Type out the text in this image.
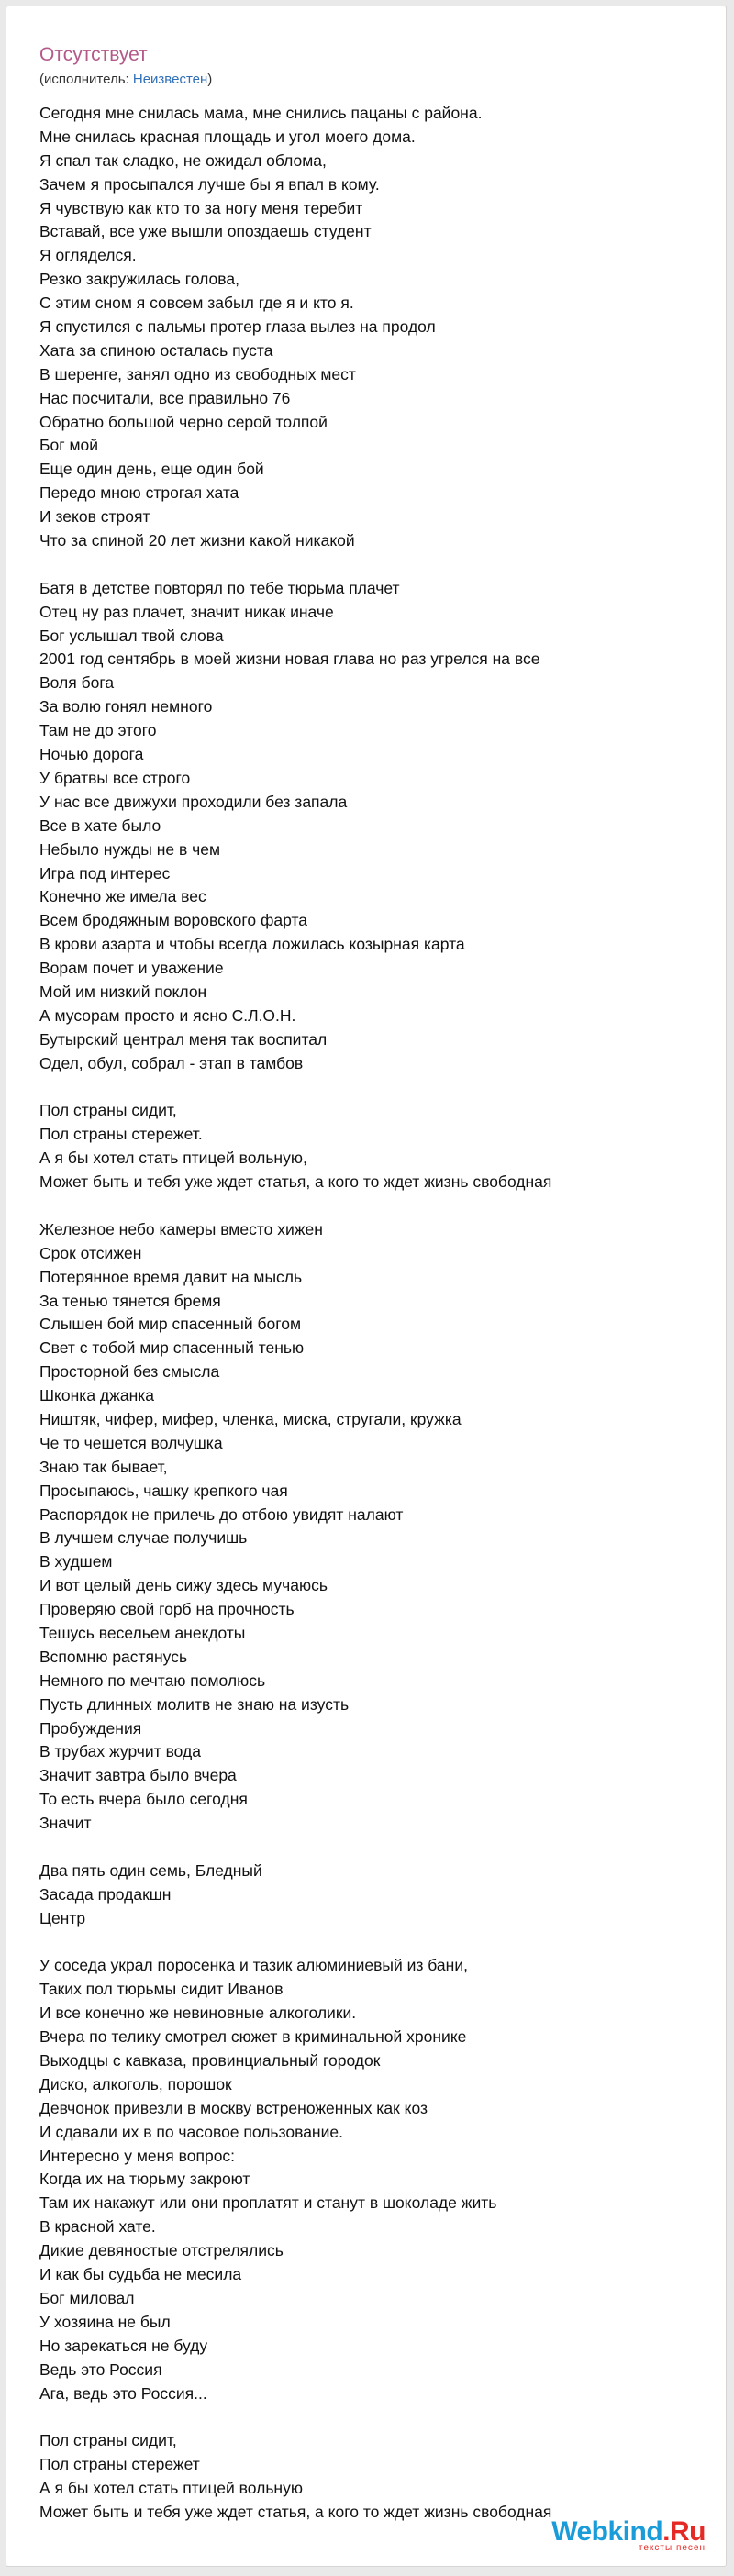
Отсутствует
(исполнитель: Неизвестен)
Сегодня мне снилась мама, мне снились пацаны с района.
Мне снилась красная площадь и угол моего дома.
Я спал так сладко, не ожидал облома,
Зачем я просыпался лучше бы я впал в кому.
Я чувствую как кто то за ногу меня теребит
Вставай, все уже вышли опоздаешь студент
Я огляделся.
Резко закружилась голова,
С этим сном я совсем забыл где я и кто я.
Я спустился с пальмы протер глаза вылез на продол
Хата за спиною осталась пуста
В шеренге, занял одно из свободных мест
Нас посчитали, все правильно 76
Обратно большой черно серой толпой
Бог мой
Еще один день, еще один бой
Передо мною строгая хата
И зеков строят
Что за спиной 20 лет жизни какой никакой
Батя в детстве повторял по тебе тюрьма плачет
Отец ну раз плачет, значит никак иначе
Бог услышал твой слова
2001 год сентябрь в моей жизни новая глава но раз угрелся на все
Воля бога
За волю гонял немного
Там не до этого
Ночью дорога
У братвы все строго
У нас все движухи проходили без запала
Все в хате было
Небыло нужды не в чем
Игра под интерес
Конечно же имела вес
Всем бродяжным воровского фарта
В крови азарта и чтобы всегда ложилась козырная карта
Ворам почет и уважение
Мой им низкий поклон
А мусорам просто и ясно С.Л.О.Н.
Бутырский централ меня так воспитал
Одел, обул, собрал - этап в тамбов
Пол страны сидит,
Пол страны стережет.
А я бы хотел стать птицей вольную,
Может быть и тебя уже ждет статья, а кого то ждет жизнь свободная
Железное небо камеры вместо хижен
Срок отсижен
Потерянное время давит на мысль
За тенью тянется бремя
Слышен бой мир спасенный богом
Свет с тобой мир спасенный тенью
Просторной без смысла
Шконка джанка
Ништяк, чифер, мифер, членка, миска, стругали, кружка
Че то чешется волчушка
Знаю так бывает,
Просыпаюсь, чашку крепкого чая
Распорядок не прилечь до отбою увидят налают
В лучшем случае получишь
В худшем
И вот целый день сижу здесь мучаюсь
Проверяю свой горб на прочность
Тешусь весельем анекдоты
Вспомню растянусь
Немного по мечтаю помолюсь
Пусть длинных молитв не знаю на изусть
Пробуждения
В трубах журчит вода
Значит завтра было вчера
То есть вчера было сегодня
Значит
Два пять один семь, Бледный
Засада продакшн
Центр
У соседа украл поросенка и тазик алюминиевый из бани,
Таких пол тюрьмы сидит Иванов
И все конечно же невиновные алкоголики.
Вчера по телику смотрел сюжет в криминальной хронике
Выходцы с кавказа, провинциальный городок
Диско, алкоголь, порошок
Девчонок привезли в москву встреноженных как коз
И сдавали их в по часовое пользование.
Интересно у меня вопрос:
Когда их на тюрьму закроют
Там их накажут или они проплатят и станут в шоколаде жить
В красной хате.
Дикие девяностые отстрелялись
И как бы судьба не месила
Бог миловал
У хозяина не был
Но зарекаться не буду
Ведь это Россия
Ага, ведь это Россия...
Пол страны сидит,
Пол страны стережет
А я бы хотел стать птицей вольную
Может быть и тебя уже ждет статья, а кого то ждет жизнь свободная
Webkind.Ru
тексты песен
